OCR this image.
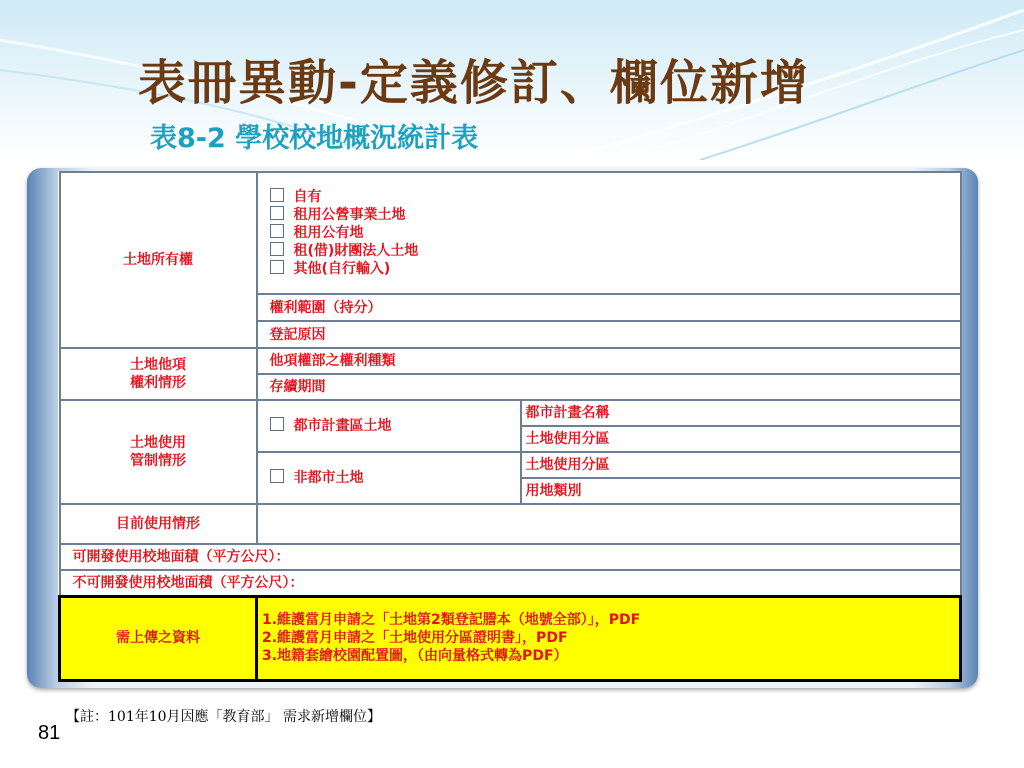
表冊異動-定義修訂、欄位新增
表8-2 學校校地概況統計表
土地所有權	自有
租用公營事業土地
租用公有地
租(借)財團法人土地
其他(自行輸入)	

	權利範圍（持分）	
	登記原因	
土地他項
權利情形	他項權部之權利種類	
	存續期間	
土地使用
管制情形	都市計畫區土地	都市計畫名稱
		土地使用分區
	非都市土地	土地使用分區
		用地類別
目前使用情形		
可開發使用校地面積（平方公尺）：		
不可開發使用校地面積（平方公尺）：		
需上傳之資料	1.維護當月申請之「土地第2類登記謄本（地號全部）」，PDF
2.維護當月申請之「土地使用分區證明書」，PDF
3.地籍套繪校園配置圖，（由向量格式轉為PDF）	
【註：101年10月因應「教育部」 需求新增欄位】
81
